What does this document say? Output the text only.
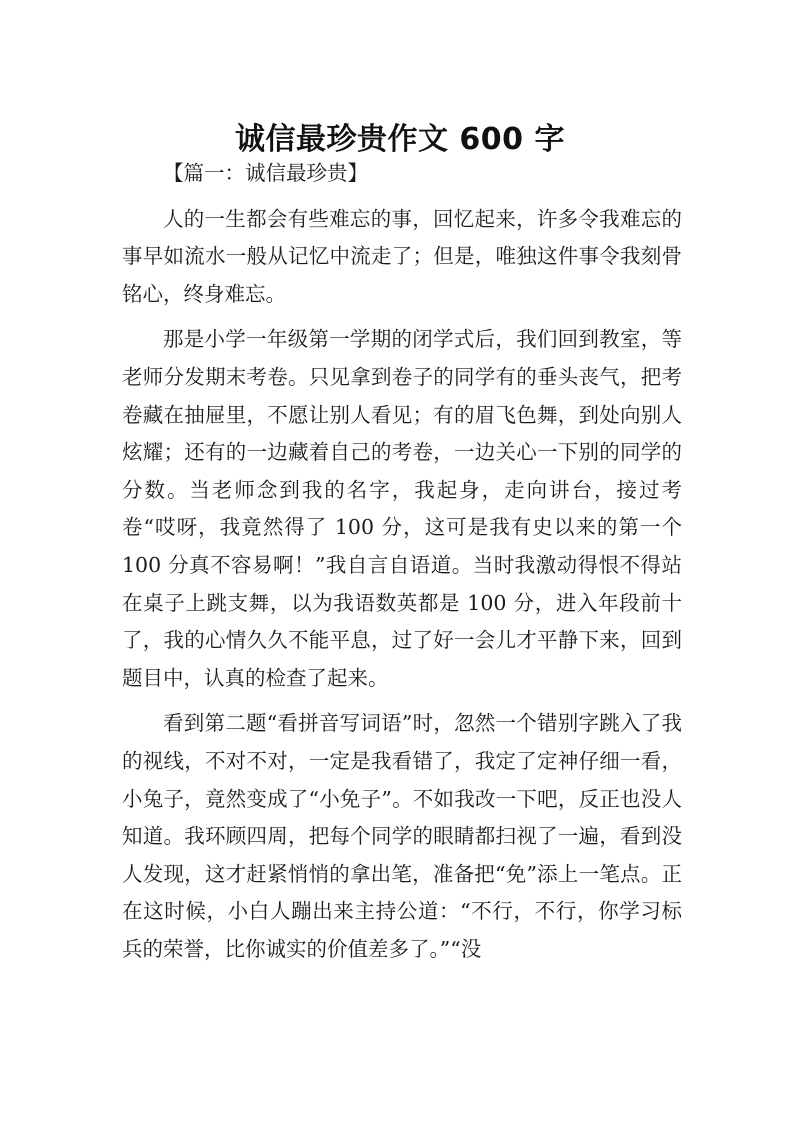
诚信最珍贵作文 600 字

【篇一：诚信最珍贵】

人的一生都会有些难忘的事，回忆起来，许多令我难忘的事早如流水一般从记忆中流走了；但是，唯独这件事令我刻骨铭心，终身难忘。

那是小学一年级第一学期的闭学式后，我们回到教室，等老师分发期末考卷。只见拿到卷子的同学有的垂头丧气，把考卷藏在抽屉里，不愿让别人看见；有的眉飞色舞，到处向别人炫耀；还有的一边藏着自己的考卷，一边关心一下别的同学的分数。当老师念到我的名字，我起身，走向讲台，接过考卷“哎呀，我竟然得了 100 分，这可是我有史以来的第一个 100 分真不容易啊！”我自言自语道。当时我激动得恨不得站在桌子上跳支舞，以为我语数英都是 100 分，进入年段前十了，我的心情久久不能平息，过了好一会儿才平静下来，回到题目中，认真的检查了起来。

看到第二题“看拼音写词语”时，忽然一个错别字跳入了我的视线，不对不对，一定是我看错了，我定了定神仔细一看，小兔子，竟然变成了“小免子”。不如我改一下吧，反正也没人知道。我环顾四周，把每个同学的眼睛都扫视了一遍，看到没人发现，这才赶紧悄悄的拿出笔，准备把“免”添上一笔点。正在这时候，小白人蹦出来主持公道：“不行，不行，你学习标兵的荣誉，比你诚实的价值差多了。”“没
